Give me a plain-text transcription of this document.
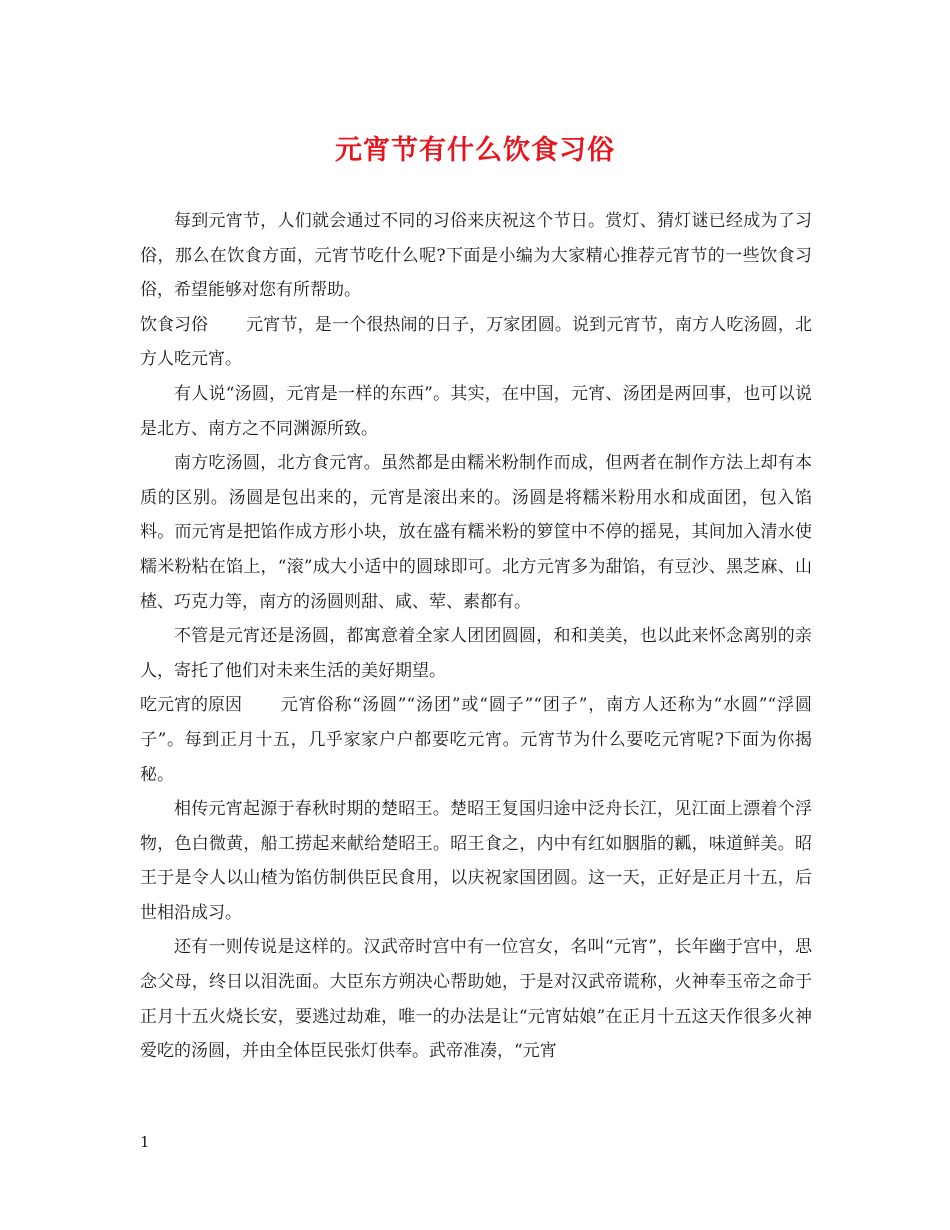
元宵节有什么饮食习俗

每到元宵节，人们就会通过不同的习俗来庆祝这个节日。赏灯、猜灯谜已经成为了习俗，那么在饮食方面，元宵节吃什么呢?下面是小编为大家精心推荐元宵节的一些饮食习俗，希望能够对您有所帮助。

饮食习俗 元宵节，是一个很热闹的日子，万家团圆。说到元宵节，南方人吃汤圆，北方人吃元宵。

有人说“汤圆，元宵是一样的东西”。其实，在中国，元宵、汤团是两回事，也可以说是北方、南方之不同渊源所致。

南方吃汤圆，北方食元宵。虽然都是由糯米粉制作而成，但两者在制作方法上却有本质的区别。汤圆是包出来的，元宵是滚出来的。汤圆是将糯米粉用水和成面团，包入馅料。而元宵是把馅作成方形小块，放在盛有糯米粉的箩筐中不停的摇晃，其间加入清水使糯米粉粘在馅上，“滚”成大小适中的圆球即可。北方元宵多为甜馅，有豆沙、黑芝麻、山楂、巧克力等，南方的汤圆则甜、咸、荤、素都有。

不管是元宵还是汤圆，都寓意着全家人团团圆圆，和和美美，也以此来怀念离别的亲人，寄托了他们对未来生活的美好期望。

吃元宵的原因 元宵俗称“汤圆”“汤团”或“圆子”“团子”，南方人还称为“水圆”“浮圆子”。每到正月十五，几乎家家户户都要吃元宵。元宵节为什么要吃元宵呢?下面为你揭秘。

相传元宵起源于春秋时期的楚昭王。楚昭王复国归途中泛舟长江，见江面上漂着个浮物，色白微黄，船工捞起来献给楚昭王。昭王食之，内中有红如胭脂的瓤，味道鲜美。昭王于是令人以山楂为馅仿制供臣民食用，以庆祝家国团圆。这一天，正好是正月十五，后世相沿成习。

还有一则传说是这样的。汉武帝时宫中有一位宫女，名叫“元宵”，长年幽于宫中，思念父母，终日以泪洗面。大臣东方朔决心帮助她，于是对汉武帝谎称，火神奉玉帝之命于正月十五火烧长安，要逃过劫难，唯一的办法是让“元宵姑娘”在正月十五这天作很多火神爱吃的汤圆，并由全体臣民张灯供奉。武帝准凑，“元宵

1
